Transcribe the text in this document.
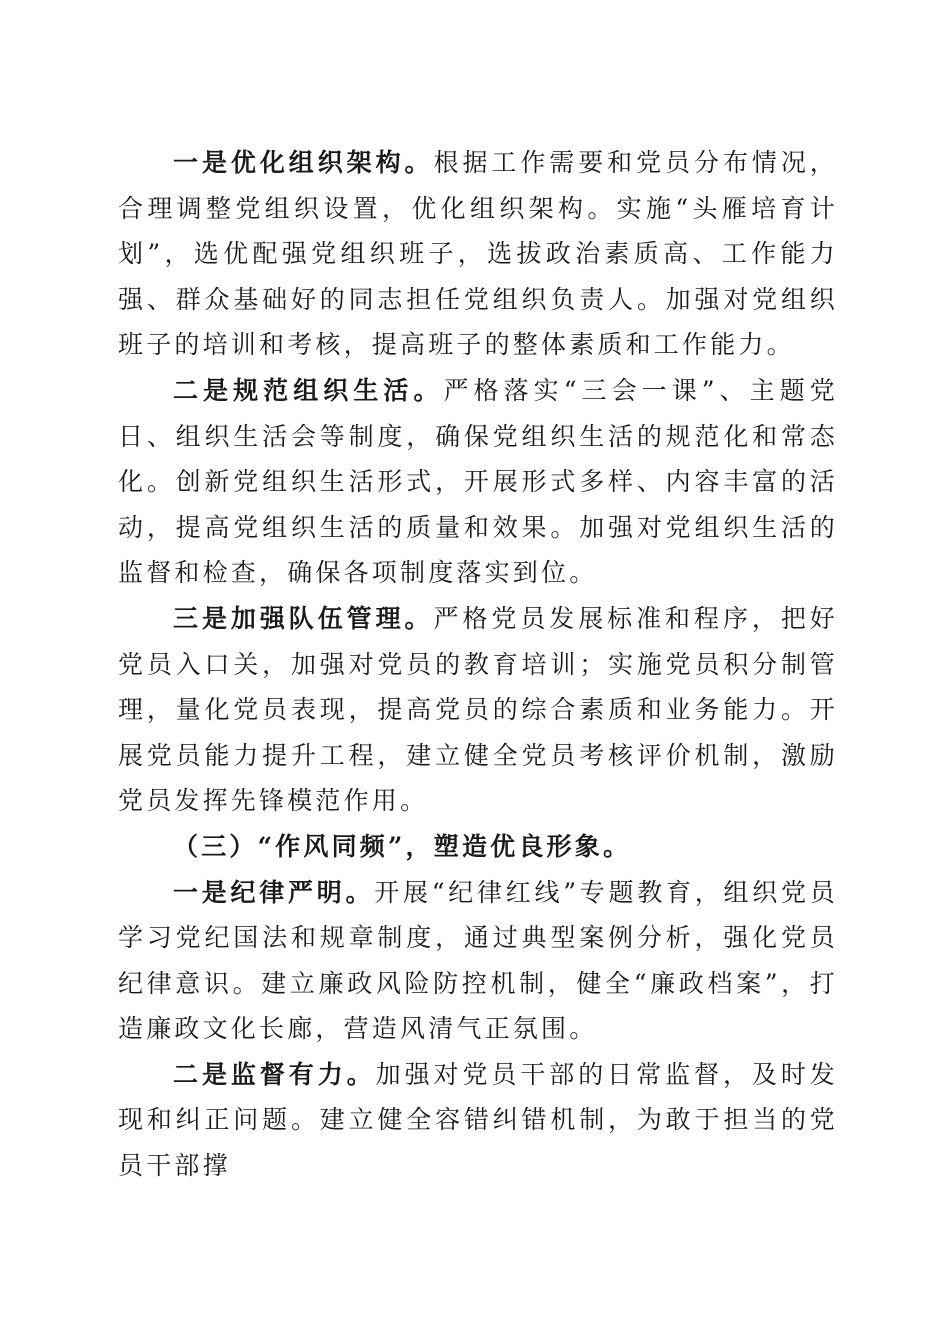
一是优化组织架构。根据工作需要和党员分布情况，合理调整党组织设置，优化组织架构。实施“头雁培育计划”，选优配强党组织班子，选拔政治素质高、工作能力强、群众基础好的同志担任党组织负责人。加强对党组织班子的培训和考核，提高班子的整体素质和工作能力。

二是规范组织生活。严格落实“三会一课”、主题党日、组织生活会等制度，确保党组织生活的规范化和常态化。创新党组织生活形式，开展形式多样、内容丰富的活动，提高党组织生活的质量和效果。加强对党组织生活的监督和检查，确保各项制度落实到位。

三是加强队伍管理。严格党员发展标准和程序，把好党员入口关，加强对党员的教育培训；实施党员积分制管理，量化党员表现，提高党员的综合素质和业务能力。开展党员能力提升工程，建立健全党员考核评价机制，激励党员发挥先锋模范作用。

（三）“作风同频”，塑造优良形象。

一是纪律严明。开展“纪律红线”专题教育，组织党员学习党纪国法和规章制度，通过典型案例分析，强化党员纪律意识。建立廉政风险防控机制，健全“廉政档案”，打造廉政文化长廊，营造风清气正氛围。

二是监督有力。加强对党员干部的日常监督，及时发现和纠正问题。建立健全容错纠错机制，为敢于担当的党员干部撑
